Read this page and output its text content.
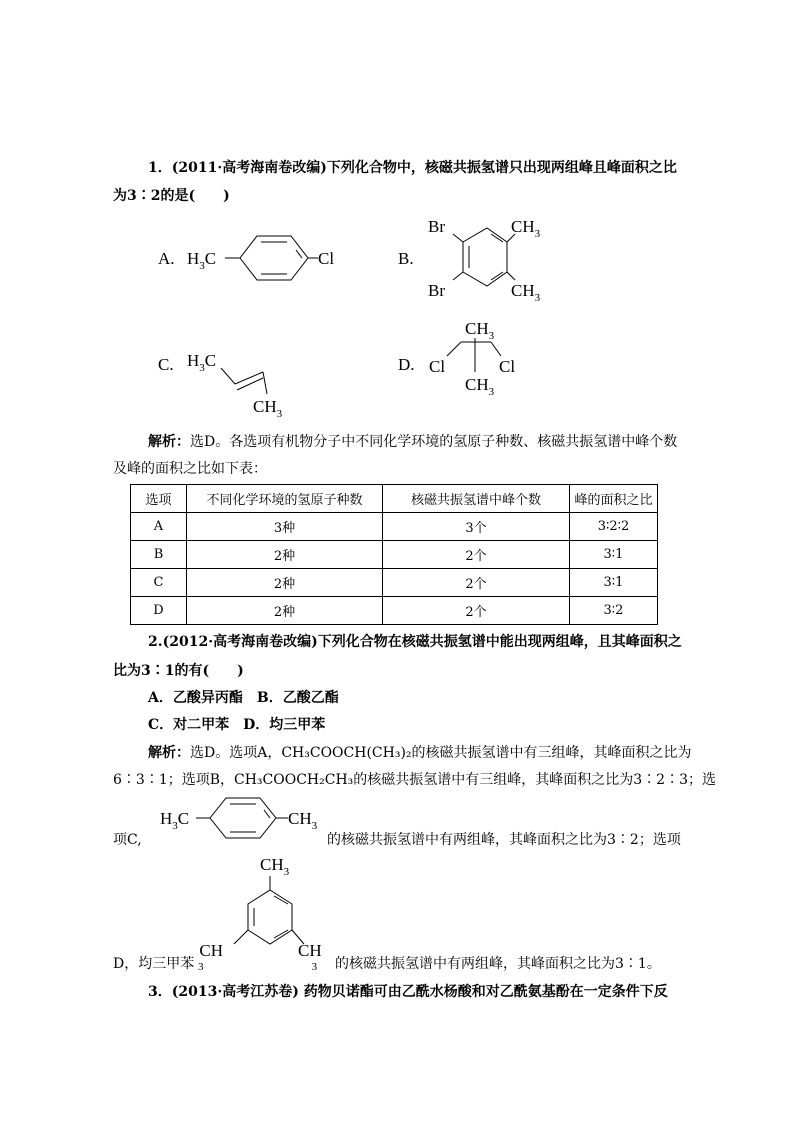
1．(2011·高考海南卷改编)下列化合物中，核磁共振氢谱只出现两组峰且峰面积之比
为3∶2的是(　　)
A. $H_3C$	Cl	B.
Br
Br
$CH_3$
$CH_3$
C. $H_3C$
$CH_3$
D.
$CH_3$
$CH_3$
Cl	Cl
解析：选D。各选项有机物分子中不同化学环境的氢原子种数、核磁共振氢谱中峰个数
及峰的面积之比如下表：
选项	不同化学环境的氢原子种数	核磁共振氢谱中峰个数	峰的面积之比
A	3种	3个	3∶2∶2
B	2种	2个	3∶1
C	2种	2个	3∶1
D	2种	2个	3∶2
2.(2012·高考海南卷改编)下列化合物在核磁共振氢谱中能出现两组峰，且其峰面积之
比为3∶1的有(　　)
A．乙酸异丙酯　B．乙酸乙酯
C．对二甲苯　D．均三甲苯
解析：选D。选项A，CH₃COOCH(CH₃)₂的核磁共振氢谱中有三组峰，其峰面积之比为
6∶3∶1；选项B，CH₃COOCH₂CH₃的核磁共振氢谱中有三组峰，其峰面积之比为3∶2∶3；选
$H_3C$	$CH_3$
项C,	的核磁共振氢谱中有两组峰，其峰面积之比为3∶2；选项
$CH_3$
CH 3
CH 3
D，均三甲苯	的核磁共振氢谱中有两组峰，其峰面积之比为3∶1。
3．(2013·高考江苏卷) 药物贝诺酯可由乙酰水杨酸和对乙酰氨基酚在一定条件下反
